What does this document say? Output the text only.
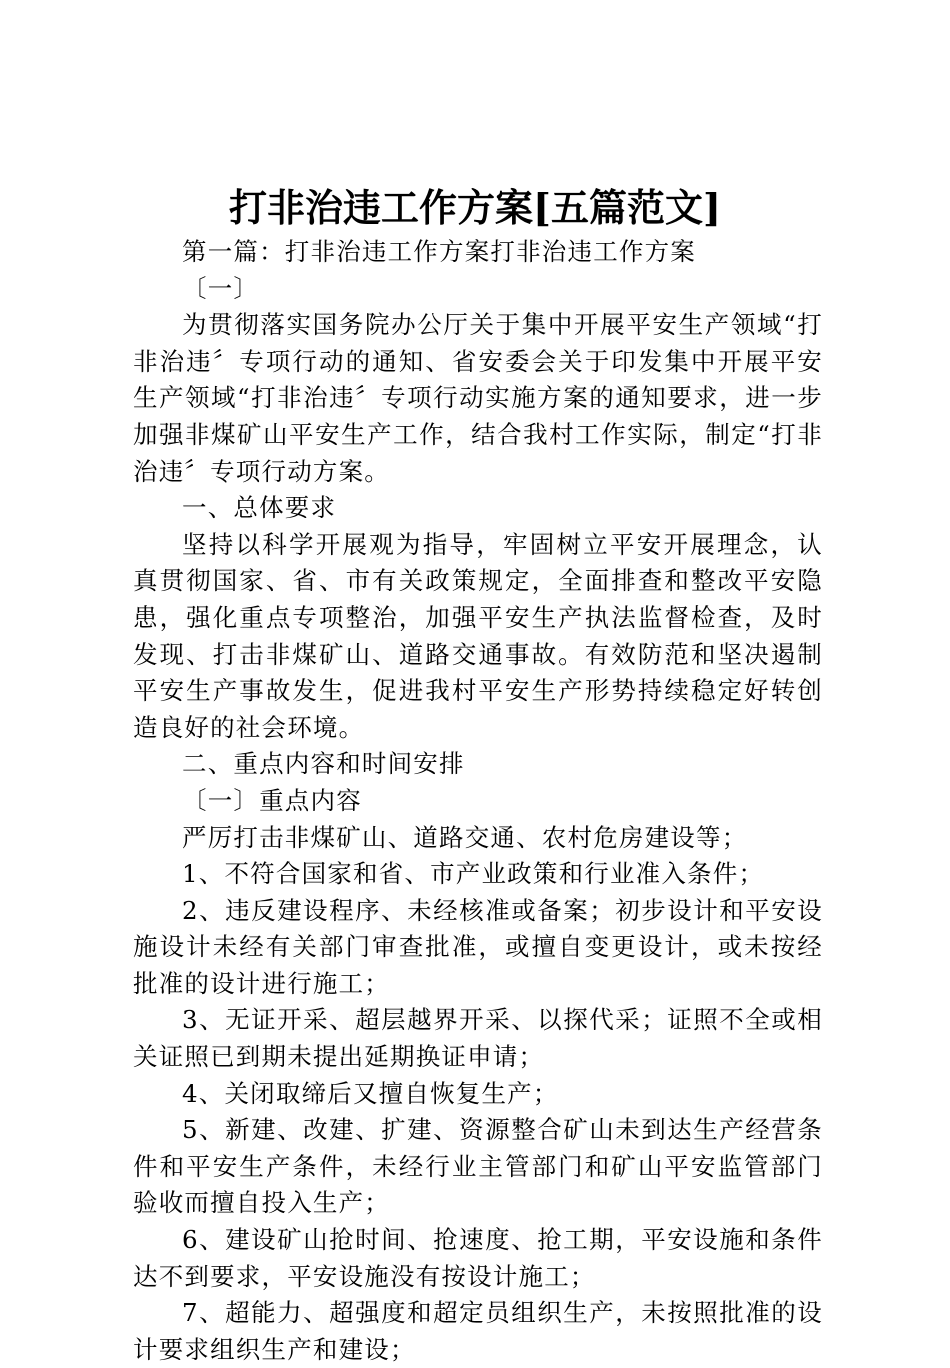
打非治违工作方案[五篇范文]

第一篇：打非治违工作方案打非治违工作方案

〔一〕

为贯彻落实国务院办公厅关于集中开展平安生产领域“打非治违〞专项行动的通知、省安委会关于印发集中开展平安生产领域“打非治违〞专项行动实施方案的通知要求，进一步加强非煤矿山平安生产工作，结合我村工作实际，制定“打非治违〞专项行动方案。

一、总体要求

坚持以科学开展观为指导，牢固树立平安开展理念，认真贯彻国家、省、市有关政策规定，全面排查和整改平安隐患，强化重点专项整治，加强平安生产执法监督检查，及时发现、打击非煤矿山、道路交通事故。有效防范和坚决遏制平安生产事故发生，促进我村平安生产形势持续稳定好转创造良好的社会环境。

二、重点内容和时间安排

〔一〕重点内容

严厉打击非煤矿山、道路交通、农村危房建设等；

1、不符合国家和省、市产业政策和行业准入条件；

2、违反建设程序、未经核准或备案；初步设计和平安设施设计未经有关部门审查批准，或擅自变更设计，或未按经批准的设计进行施工；

3、无证开采、超层越界开采、以探代采；证照不全或相关证照已到期未提出延期换证申请；

4、关闭取缔后又擅自恢复生产；

5、新建、改建、扩建、资源整合矿山未到达生产经营条件和平安生产条件，未经行业主管部门和矿山平安监管部门验收而擅自投入生产；

6、建设矿山抢时间、抢速度、抢工期，平安设施和条件达不到要求，平安设施没有按设计施工；

7、超能力、超强度和超定员组织生产，未按照批准的设计要求组织生产和建设；
